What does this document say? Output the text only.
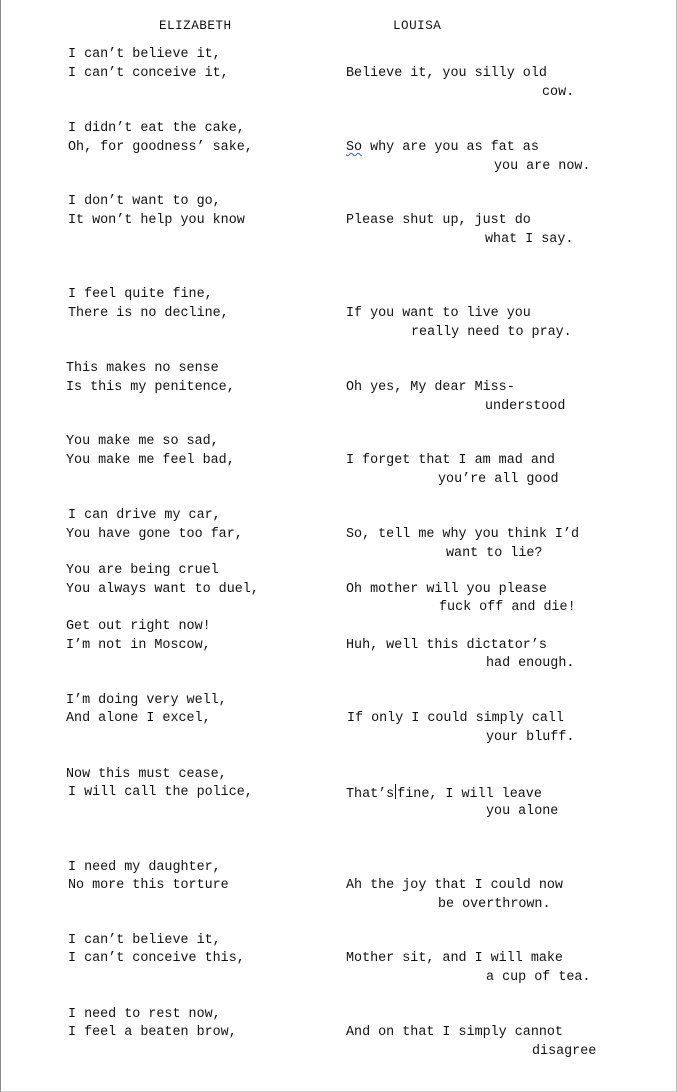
ELIZABETH	LOUISA
I can’t believe it,
I can’t conceive it,	Believe it, you silly old
cow.
I didn’t eat the cake,
Oh, for goodness’ sake,	So why are you as fat as
you are now.
I don’t want to go,
It won’t help you know	Please shut up, just do
what I say.
I feel quite fine,
There is no decline,	If you want to live you
really need to pray.
This makes no sense
Is this my penitence,	Oh yes, My dear Miss-
understood
You make me so sad,
You make me feel bad,	I forget that I am mad and
you’re all good
I can drive my car,
You have gone too far,	So, tell me why you think I’d
want to lie?
You are being cruel
You always want to duel,	Oh mother will you please
fuck off and die!
Get out right now!
I’m not in Moscow,	Huh, well this dictator’s
had enough.
I’m doing very well,
And alone I excel,	If only I could simply call
your bluff.
Now this must cease,
I will call the police,	That’s fine, I will leave
you alone
I need my daughter,
No more this torture	Ah the joy that I could now
be overthrown.
I can’t believe it,
I can’t conceive this,	Mother sit, and I will make
a cup of tea.
I need to rest now,
I feel a beaten brow,	And on that I simply cannot
disagree
